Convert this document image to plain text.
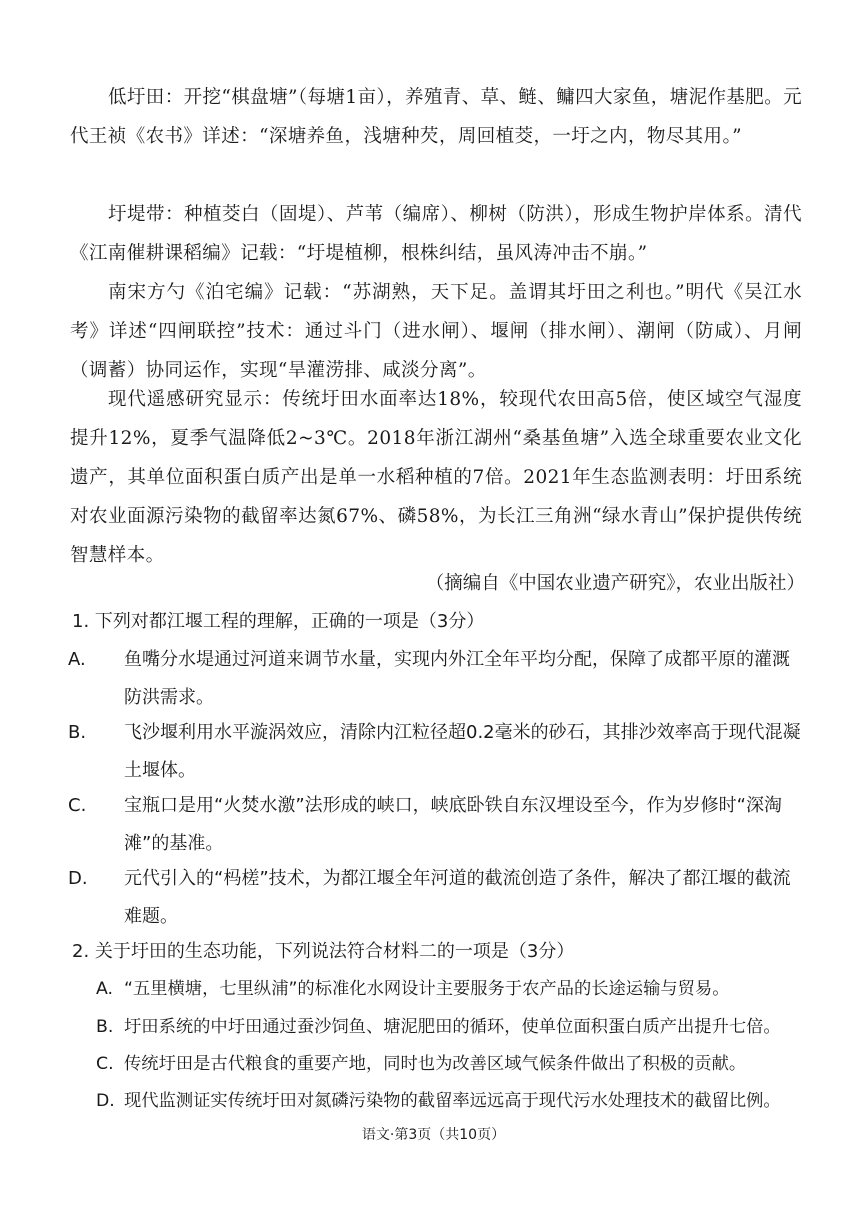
低圩田：开挖“棋盘塘”（每塘1亩），养殖青、草、鲢、鳙四大家鱼，塘泥作基肥。元代王祯《农书》详述：“深塘养鱼，浅塘种芡，周回植茭，一圩之内，物尽其用。”

圩堤带：种植茭白（固堤）、芦苇（编席）、柳树（防洪），形成生物护岸体系。清代《江南催耕课稻编》记载：“圩堤植柳，根株纠结，虽风涛冲击不崩。”

南宋方勺《泊宅编》记载：“苏湖熟，天下足。盖谓其圩田之利也。”明代《吴江水考》详述“四闸联控”技术：通过斗门（进水闸）、堰闸（排水闸）、潮闸（防咸）、月闸（调蓄）协同运作，实现“旱灌涝排、咸淡分离”。

现代遥感研究显示：传统圩田水面率达18%，较现代农田高5倍，使区域空气湿度提升12%，夏季气温降低2~3℃。2018年浙江湖州“桑基鱼塘”入选全球重要农业文化遗产，其单位面积蛋白质产出是单一水稻种植的7倍。2021年生态监测表明：圩田系统对农业面源污染物的截留率达氮67%、磷58%，为长江三角洲“绿水青山”保护提供传统智慧样本。

（摘编自《中国农业遗产研究》，农业出版社）

1. 下列对都江堰工程的理解，正确的一项是（3分）

A. 鱼嘴分水堤通过河道来调节水量，实现内外江全年平均分配，保障了成都平原的灌溉防洪需求。
B. 飞沙堰利用水平漩涡效应，清除内江粒径超0.2毫米的砂石，其排沙效率高于现代混凝土堰体。
C. 宝瓶口是用“火焚水激”法形成的峡口，峡底卧铁自东汉埋设至今，作为岁修时“深淘滩”的基准。
D. 元代引入的“杩槎”技术，为都江堰全年河道的截流创造了条件，解决了都江堰的截流难题。

2. 关于圩田的生态功能，下列说法符合材料二的一项是（3分）

A. “五里横塘，七里纵浦”的标准化水网设计主要服务于农产品的长途运输与贸易。
B. 圩田系统的中圩田通过蚕沙饲鱼、塘泥肥田的循环，使单位面积蛋白质产出提升七倍。
C. 传统圩田是古代粮食的重要产地，同时也为改善区域气候条件做出了积极的贡献。
D. 现代监测证实传统圩田对氮磷污染物的截留率远远高于现代污水处理技术的截留比例。

语文·第3页（共10页）
